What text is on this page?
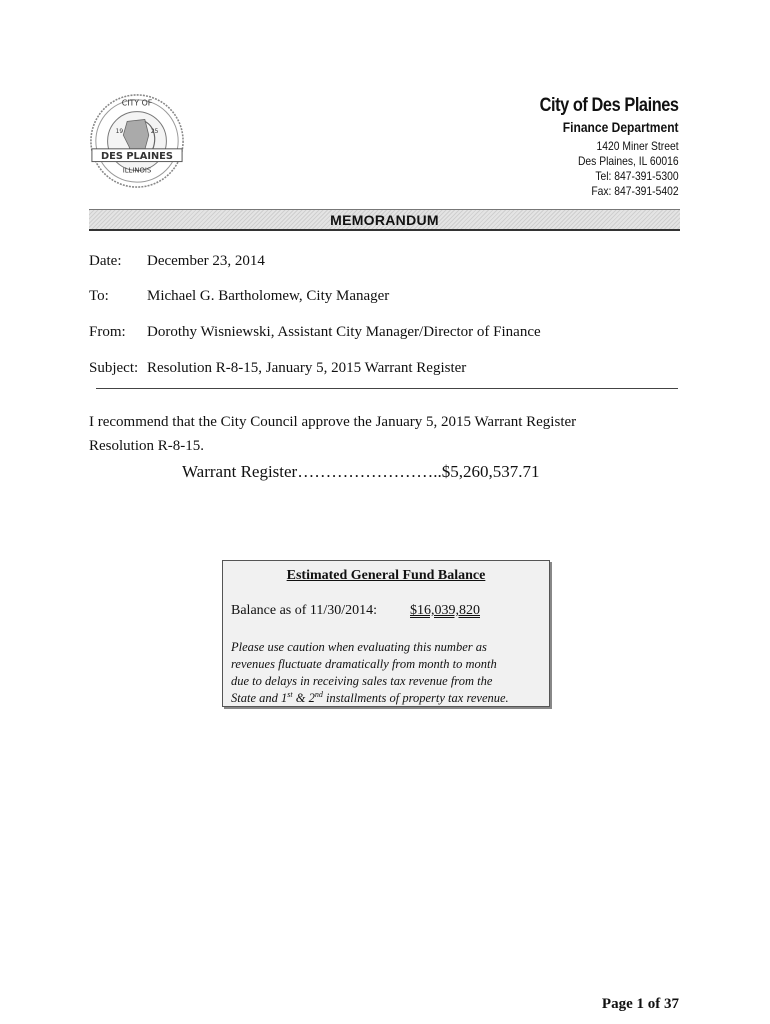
CITY OF
19	25
DES PLAINES
ILLINOIS
City of Des Plaines
Finance Department
1420 Miner Street
Des Plaines, IL 60016
Tel: 847-391-5300
Fax: 847-391-5402
MEMORANDUM
Date: December 23, 2014
To:	Michael G. Bartholomew, City Manager
From: Dorothy Wisniewski, Assistant City Manager/Director of Finance
Subject: Resolution R-8-15, January 5, 2015 Warrant Register
I recommend that the City Council approve the January 5, 2015 Warrant Register
Resolution R-8-15.
Warrant Register……………………..$5,260,537.71
Estimated General Fund Balance
Balance as of 11/30/2014: $16,039,820
Please use caution when evaluating this number as
revenues fluctuate dramatically from month to month
due to delays in receiving sales tax revenue from the
State and 1st & 2nd installments of property tax revenue.
Page 1 of 37
